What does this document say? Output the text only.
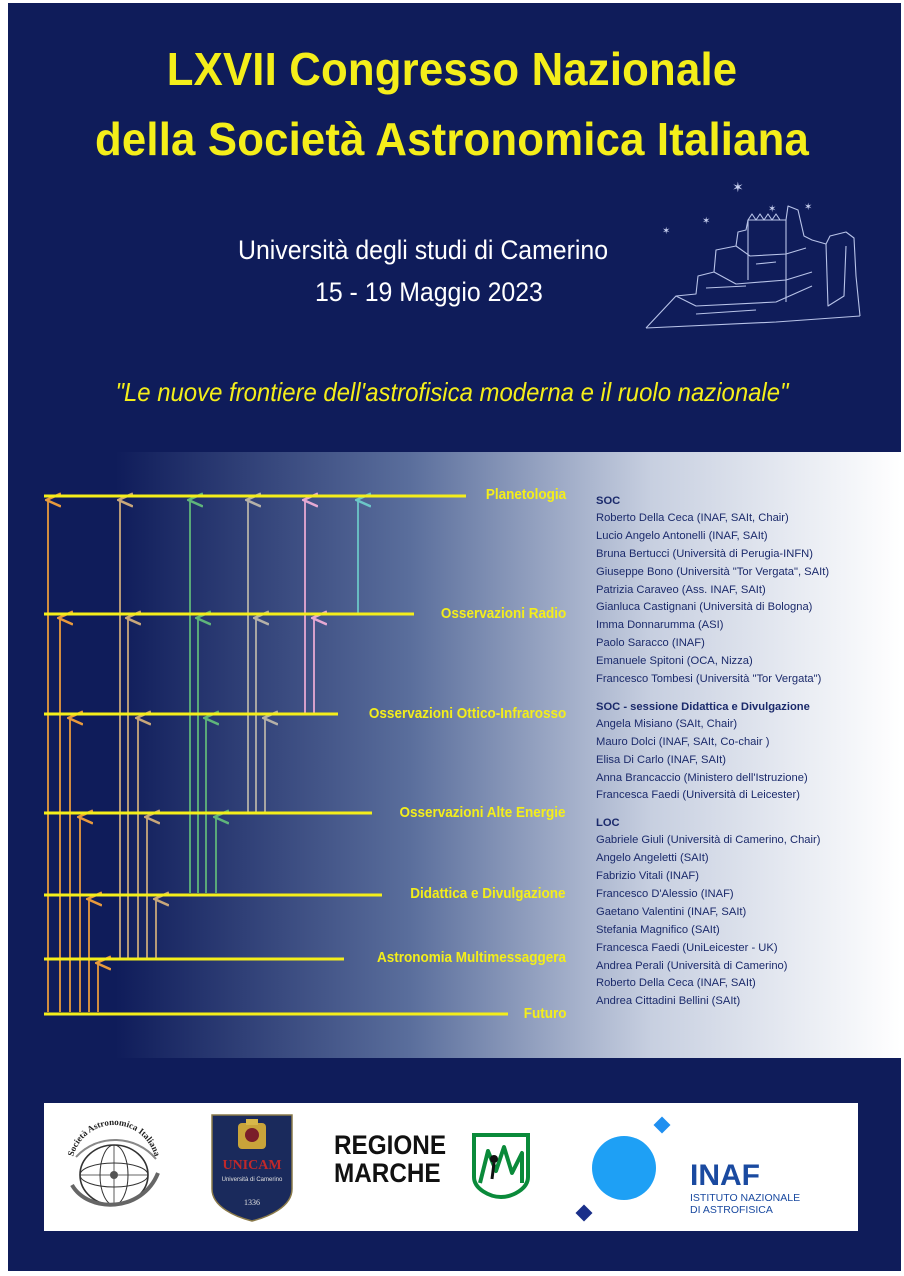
LXVII Congresso Nazionale
della Società Astronomica Italiana
Università degli studi di Camerino
15 - 19 Maggio 2023
✶
✶
✶
✶	✶
"Le nuove frontiere dell'astrofisica moderna e il ruolo nazionale"
Planetologia
Osservazioni Radio
Osservazioni Ottico-Infrarosso
Osservazioni Alte Energie
Didattica e Divulgazione
Astronomia Multimessaggera
Futuro
SOC
Roberto Della Ceca (INAF, SAIt, Chair)
Lucio Angelo Antonelli (INAF, SAIt)
Bruna Bertucci (Università di Perugia-INFN)
Giuseppe Bono (Università "Tor Vergata", SAIt)
Patrizia Caraveo (Ass. INAF, SAIt)
Gianluca Castignani (Università di Bologna)
Imma Donnarumma (ASI)
Paolo Saracco (INAF)
Emanuele Spitoni (OCA, Nizza)
Francesco Tombesi (Università "Tor Vergata")
SOC - sessione Didattica e Divulgazione
Angela Misiano (SAIt, Chair)
Mauro Dolci (INAF, SAIt, Co-chair )
Elisa Di Carlo (INAF, SAIt)
Anna Brancaccio (Ministero dell'Istruzione)
Francesca Faedi (Università di Leicester)
LOC
Gabriele Giuli (Università di Camerino, Chair)
Angelo Angeletti (SAIt)
Fabrizio Vitali (INAF)
Francesco D'Alessio (INAF)
Gaetano Valentini (INAF, SAIt)
Stefania Magnifico (SAIt)
Francesca Faedi (UniLeicester - UK)
Andrea Perali (Università di Camerino)
Roberto Della Ceca (INAF, SAIt)
Andrea Cittadini Bellini (SAIt)
Società Astronomica Italiana
UNICAM
Università di Camerino
1336
REGIONE
MARCHE	INAF
ISTITUTO NAZIONALE
DI ASTROFISICA
